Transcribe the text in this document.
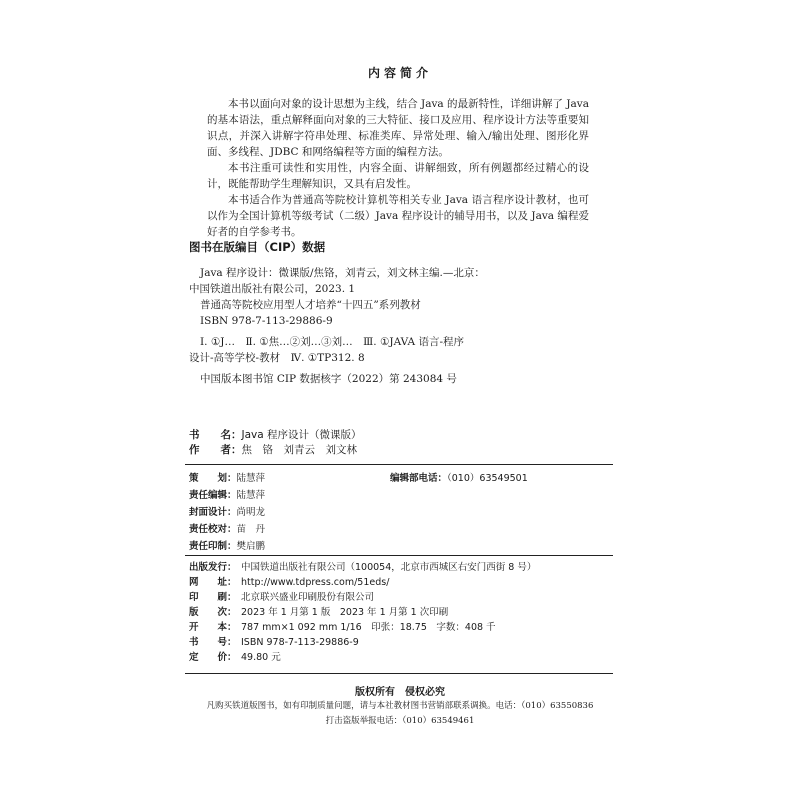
内容简介

本书以面向对象的设计思想为主线，结合 Java 的最新特性，详细讲解了 Java 的基本语法，重点解释面向对象的三大特征、接口及应用、程序设计方法等重要知识点，并深入讲解字符串处理、标准类库、异常处理、输入/输出处理、图形化界面、多线程、JDBC 和网络编程等方面的编程方法。

本书注重可读性和实用性，内容全面、讲解细致，所有例题都经过精心的设计，既能帮助学生理解知识，又具有启发性。

本书适合作为普通高等院校计算机等相关专业 Java 语言程序设计教材，也可以作为全国计算机等级考试（二级）Java 程序设计的辅导用书，以及 Java 编程爱好者的自学参考书。

图书在版编目（CIP）数据
Java 程序设计：微课版/焦铬，刘青云，刘文林主编.—北京：
中国铁道出版社有限公司，2023. 1
普通高等院校应用型人才培养“十四五”系列教材
ISBN 978-7-113-29886-9
Ⅰ. ①J…　Ⅱ. ①焦…②刘…③刘…　Ⅲ. ①JAVA 语言-程序
设计-高等学校-教材　Ⅳ. ①TP312. 8
中国版本图书馆 CIP 数据核字（2022）第 243084 号
书　　名：Java 程序设计（微课版）
作　　者：焦　铬　刘青云　刘文林
策　　划：陆慧萍	编辑部电话：（010）63549501
责任编辑：陆慧萍
封面设计：尚明龙
责任校对：苗　丹
责任印制：樊启鹏
出版发行： 中国铁道出版社有限公司（100054，北京市西城区右安门西街 8 号）
网　　址： http://www.tdpress.com/51eds/
印　　刷： 北京联兴盛业印刷股份有限公司
版　　次： 2023 年 1 月第 1 版　2023 年 1 月第 1 次印刷
开　　本： 787 mm×1 092 mm 1/16　印张：18.75　字数：408 千
书　　号： ISBN 978-7-113-29886-9
定　　价： 49.80 元
版权所有　侵权必究
凡购买铁道版图书，如有印制质量问题，请与本社教材图书营销部联系调换。电话：（010）63550836
打击盗版举报电话：（010）63549461
